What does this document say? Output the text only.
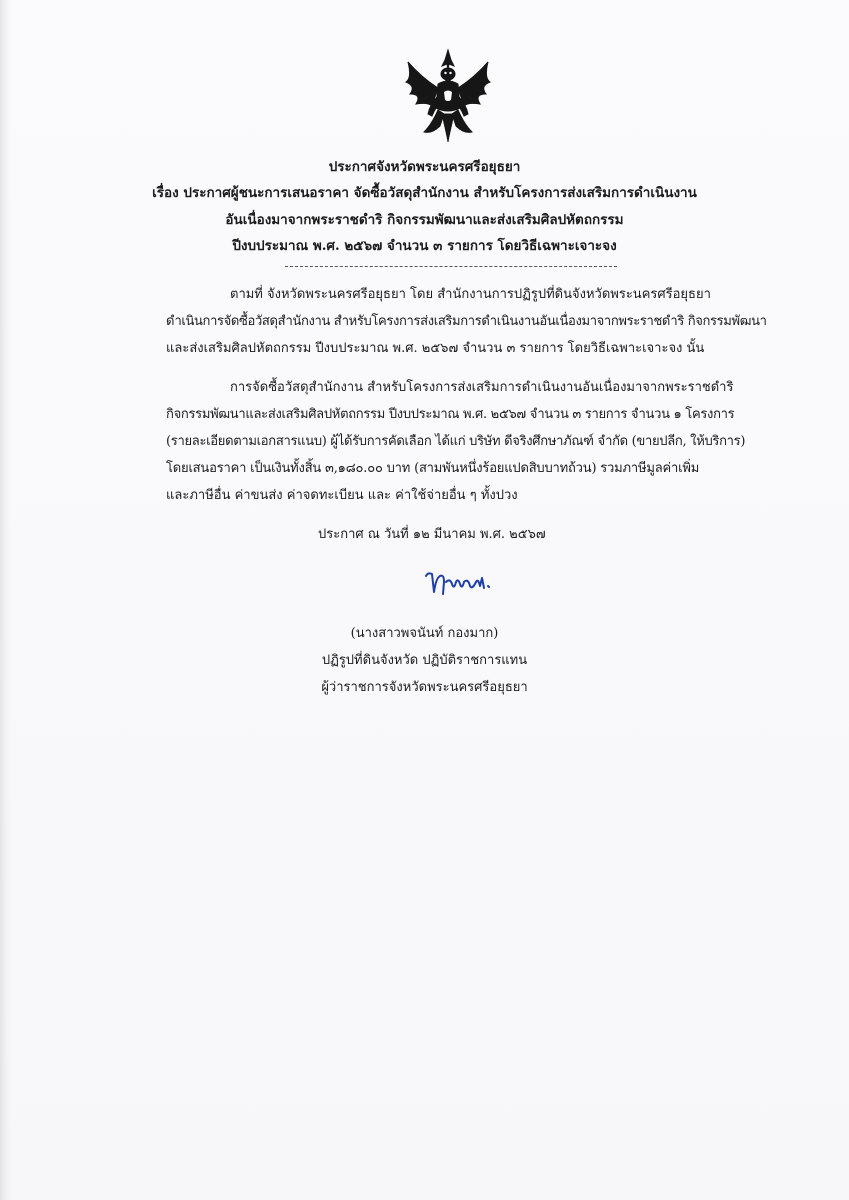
ประกาศจังหวัดพระนครศรีอยุธยา
เรื่อง ประกาศผู้ชนะการเสนอราคา จัดซื้อวัสดุสำนักงาน สำหรับโครงการส่งเสริมการดำเนินงาน
อันเนื่องมาจากพระราชดำริ กิจกรรมพัฒนาและส่งเสริมศิลปหัตถกรรม
ปีงบประมาณ พ.ศ. ๒๕๖๗ จำนวน ๓ รายการ โดยวิธีเฉพาะเจาะจง
ตามที่ จังหวัดพระนครศรีอยุธยา โดย สำนักงานการปฏิรูปที่ดินจังหวัดพระนครศรีอยุธยา
ดำเนินการจัดซื้อวัสดุสำนักงาน สำหรับโครงการส่งเสริมการดำเนินงานอันเนื่องมาจากพระราชดำริ กิจกรรมพัฒนา
และส่งเสริมศิลปหัตถกรรม ปีงบประมาณ พ.ศ. ๒๕๖๗ จำนวน ๓ รายการ โดยวิธีเฉพาะเจาะจง นั้น
การจัดซื้อวัสดุสำนักงาน สำหรับโครงการส่งเสริมการดำเนินงานอันเนื่องมาจากพระราชดำริ
กิจกรรมพัฒนาและส่งเสริมศิลปหัตถกรรม ปีงบประมาณ พ.ศ. ๒๕๖๗ จำนวน ๓ รายการ จำนวน ๑ โครงการ
(รายละเอียดตามเอกสารแนบ) ผู้ได้รับการคัดเลือก ได้แก่ บริษัท ดีจริงศึกษาภัณฑ์ จำกัด (ขายปลีก, ให้บริการ)
โดยเสนอราคา เป็นเงินทั้งสิ้น ๓,๑๘๐.๐๐ บาท (สามพันหนึ่งร้อยแปดสิบบาทถ้วน) รวมภาษีมูลค่าเพิ่ม
และภาษีอื่น ค่าขนส่ง ค่าจดทะเบียน และ ค่าใช้จ่ายอื่น ๆ ทั้งปวง
ประกาศ ณ วันที่ ๑๒ มีนาคม พ.ศ. ๒๕๖๗
(นางสาวพจนันท์ กองมาก)
ปฏิรูปที่ดินจังหวัด ปฏิบัติราชการแทน
ผู้ว่าราชการจังหวัดพระนครศรีอยุธยา
